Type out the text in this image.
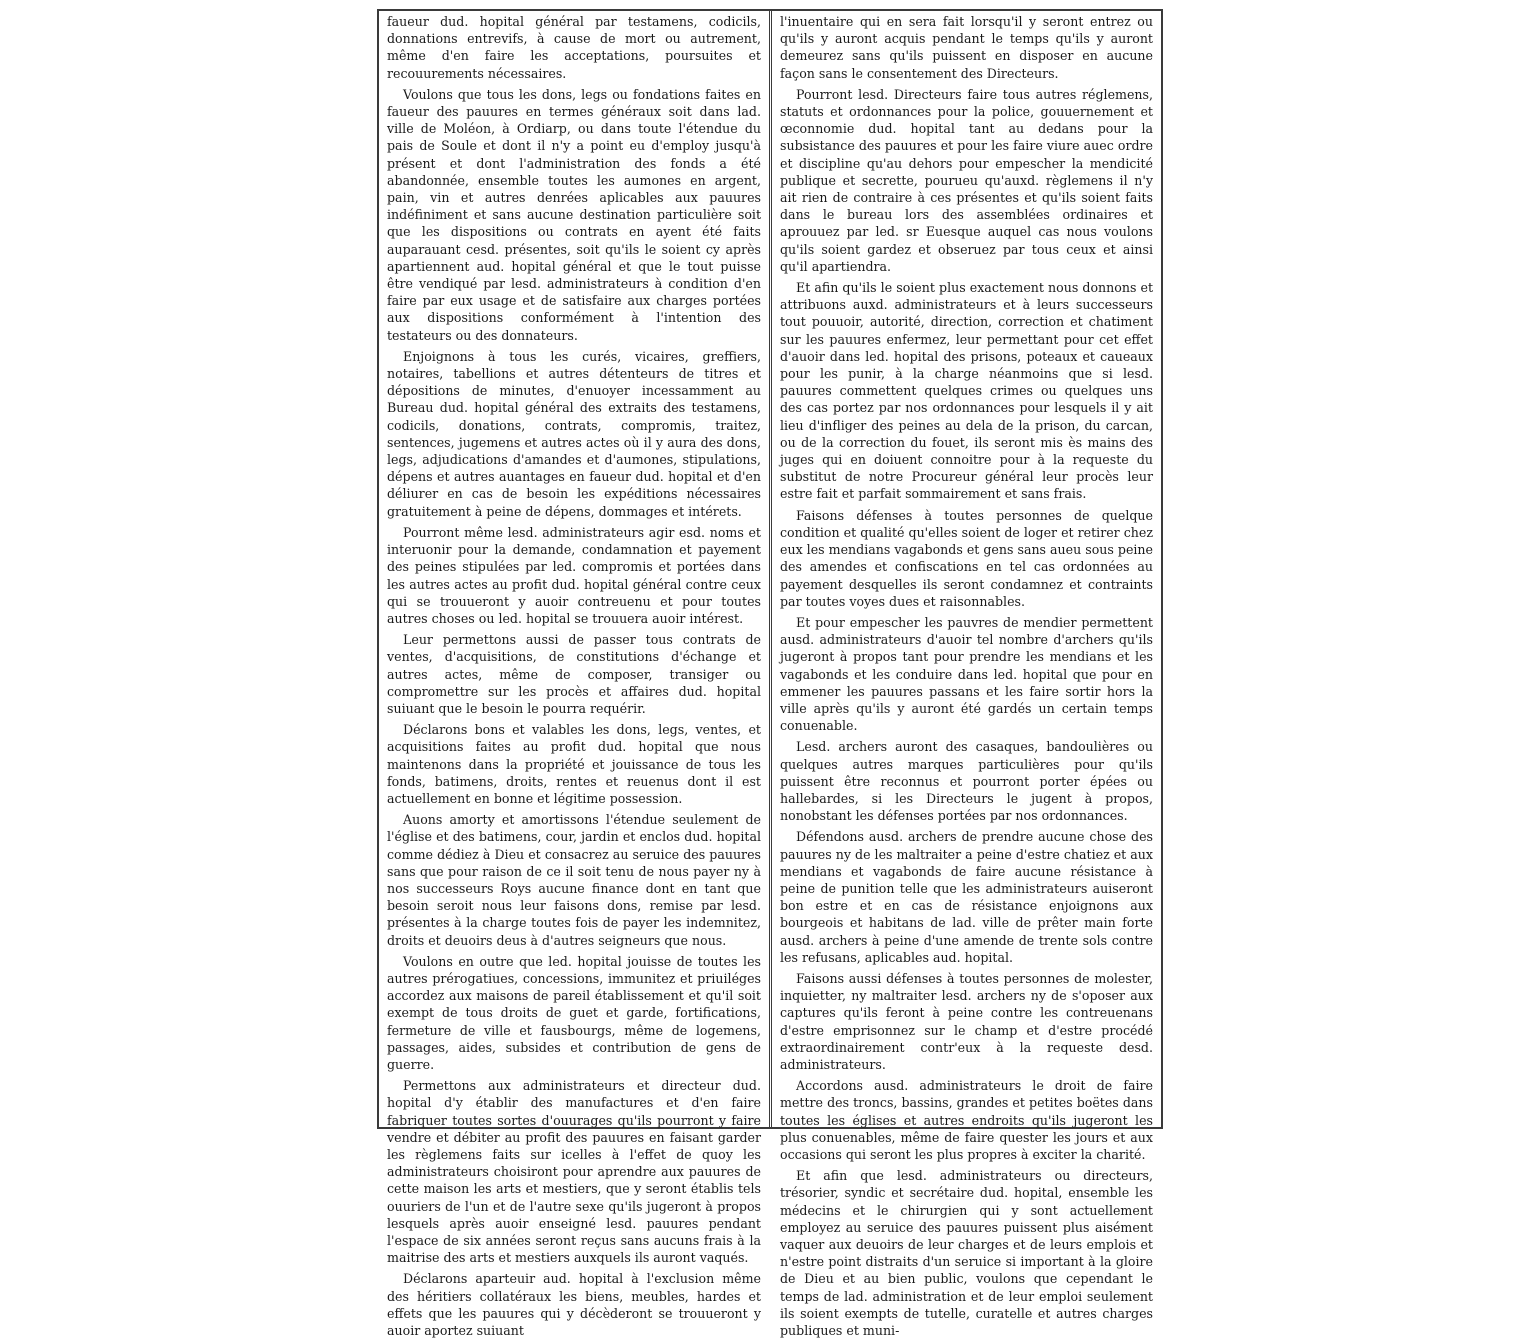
faueur dud. hopital général par testamens, codicils, donnations entrevifs, à cause de mort ou autrement, même d'en faire les acceptations, poursuites et recouurements nécessaires.

Voulons que tous les dons, legs ou fondations faites en faueur des pauures en termes généraux soit dans lad. ville de Moléon, à Ordiarp, ou dans toute l'étendue du pais de Soule et dont il n'y a point eu d'employ jusqu'à présent et dont l'administration des fonds a été abandonnée, ensemble toutes les aumones en argent, pain, vin et autres denrées aplicables aux pauures indéfiniment et sans aucune destination particulière soit que les dispositions ou contrats en ayent été faits auparauant cesd. présentes, soit qu'ils le soient cy après apartiennent aud. hopital général et que le tout puisse être vendiqué par lesd. administrateurs à condition d'en faire par eux usage et de satisfaire aux charges portées aux dispositions conformément à l'intention des testateurs ou des donnateurs.

Enjoignons à tous les curés, vicaires, greffiers, notaires, tabellions et autres détenteurs de titres et dépositions de minutes, d'enuoyer incessamment au Bureau dud. hopital général des extraits des testamens, codicils, donations, contrats, compromis, traitez, sentences, jugemens et autres actes où il y aura des dons, legs, adjudications d'amandes et d'aumones, stipulations, dépens et autres auantages en faueur dud. hopital et d'en déliurer en cas de besoin les expéditions nécessaires gratuitement à peine de dépens, dommages et intérets.

Pourront même lesd. administrateurs agir esd. noms et interuonir pour la demande, condamnation et payement des peines stipulées par led. compromis et portées dans les autres actes au profit dud. hopital général contre ceux qui se trouueront y auoir contreuenu et pour toutes autres choses ou led. hopital se trouuera auoir intérest.

Leur permettons aussi de passer tous contrats de ventes, d'acquisitions, de constitutions d'échange et autres actes, même de composer, transiger ou compromettre sur les procès et affaires dud. hopital suiuant que le besoin le pourra requérir.

Déclarons bons et valables les dons, legs, ventes, et acquisitions faites au profit dud. hopital que nous maintenons dans la propriété et jouissance de tous les fonds, batimens, droits, rentes et reuenus dont il est actuellement en bonne et légitime possession.

Auons amorty et amortissons l'étendue seulement de l'église et des batimens, cour, jardin et enclos dud. hopital comme dédiez à Dieu et consacrez au seruice des pauures sans que pour raison de ce il soit tenu de nous payer ny à nos successeurs Roys aucune finance dont en tant que besoin seroit nous leur faisons dons, remise par lesd. présentes à la charge toutes fois de payer les indemnitez, droits et deuoirs deus à d'autres seigneurs que nous.

Voulons en outre que led. hopital jouisse de toutes les autres prérogatiues, concessions, immunitez et priuiléges accordez aux maisons de pareil établissement et qu'il soit exempt de tous droits de guet et garde, fortifications, fermeture de ville et fausbourgs, même de logemens, passages, aides, subsides et contribution de gens de guerre.

Permettons aux administrateurs et directeur dud. hopital d'y établir des manufactures et d'en faire fabriquer toutes sortes d'ouurages qu'ils pourront y faire vendre et débiter au profit des pauures en faisant garder les règlemens faits sur icelles à l'effet de quoy les administrateurs choisiront pour aprendre aux pauures de cette maison les arts et mestiers, que y seront établis tels ouuriers de l'un et de l'autre sexe qu'ils jugeront à propos lesquels après auoir enseigné lesd. pauures pendant l'espace de six années seront reçus sans aucuns frais à la maitrise des arts et mestiers auxquels ils auront vaqués.

Déclarons aparteuir aud. hopital à l'exclusion même des héritiers collatéraux les biens, meubles, hardes et effets que les pauures qui y décèderont se trouueront y auoir aportez suiuant

l'inuentaire qui en sera fait lorsqu'il y seront entrez ou qu'ils y auront acquis pendant le temps qu'ils y auront demeurez sans qu'ils puissent en disposer en aucune façon sans le consentement des Directeurs.

Pourront lesd. Directeurs faire tous autres réglemens, statuts et ordonnances pour la police, gouuernement et œconnomie dud. hopital tant au dedans pour la subsistance des pauures et pour les faire viure auec ordre et discipline qu'au dehors pour empescher la mendicité publique et secrette, pourueu qu'auxd. règlemens il n'y ait rien de contraire à ces présentes et qu'ils soient faits dans le bureau lors des assemblées ordinaires et aprouuez par led. sr Euesque auquel cas nous voulons qu'ils soient gardez et obseruez par tous ceux et ainsi qu'il apartiendra.

Et afin qu'ils le soient plus exactement nous donnons et attribuons auxd. administrateurs et à leurs successeurs tout pouuoir, autorité, direction, correction et chatiment sur les pauures enfermez, leur permettant pour cet effet d'auoir dans led. hopital des prisons, poteaux et caueaux pour les punir, à la charge néanmoins que si lesd. pauures commettent quelques crimes ou quelques uns des cas portez par nos ordonnances pour lesquels il y ait lieu d'infliger des peines au dela de la prison, du carcan, ou de la correction du fouet, ils seront mis ès mains des juges qui en doiuent connoitre pour à la requeste du substitut de notre Procureur général leur procès leur estre fait et parfait sommairement et sans frais.

Faisons défenses à toutes personnes de quelque condition et qualité qu'elles soient de loger et retirer chez eux les mendians vagabonds et gens sans aueu sous peine des amendes et confiscations en tel cas ordonnées au payement desquelles ils seront condamnez et contraints par toutes voyes dues et raisonnables.

Et pour empescher les pauvres de mendier permettent ausd. administrateurs d'auoir tel nombre d'archers qu'ils jugeront à propos tant pour prendre les mendians et les vagabonds et les conduire dans led. hopital que pour en emmener les pauures passans et les faire sortir hors la ville après qu'ils y auront été gardés un certain temps conuenable.

Lesd. archers auront des casaques, bandoulières ou quelques autres marques particulières pour qu'ils puissent être reconnus et pourront porter épées ou hallebardes, si les Directeurs le jugent à propos, nonobstant les défenses portées par nos ordonnances.

Défendons ausd. archers de prendre aucune chose des pauures ny de les maltraiter a peine d'estre chatiez et aux mendians et vagabonds de faire aucune résistance à peine de punition telle que les administrateurs auiseront bon estre et en cas de résistance enjoignons aux bourgeois et habitans de lad. ville de prêter main forte ausd. archers à peine d'une amende de trente sols contre les refusans, aplicables aud. hopital.

Faisons aussi défenses à toutes personnes de molester, inquietter, ny maltraiter lesd. archers ny de s'oposer aux captures qu'ils feront à peine contre les contreuenans d'estre emprisonnez sur le champ et d'estre procédé extraordinairement contr'eux à la requeste desd. administrateurs.

Accordons ausd. administrateurs le droit de faire mettre des troncs, bassins, grandes et petites boëtes dans toutes les églises et autres endroits qu'ils jugeront les plus conuenables, même de faire quester les jours et aux occasions qui seront les plus propres à exciter la charité.

Et afin que lesd. administrateurs ou directeurs, trésorier, syndic et secrétaire dud. hopital, ensemble les médecins et le chirurgien qui y sont actuellement employez au seruice des pauures puissent plus aisément vaquer aux deuoirs de leur charges et de leurs emplois et n'estre point distraits d'un seruice si important à la gloire de Dieu et au bien public, voulons que cependant le temps de lad. administration et de leur emploi seulement ils soient exempts de tutelle, curatelle et autres charges publiques et muni-
